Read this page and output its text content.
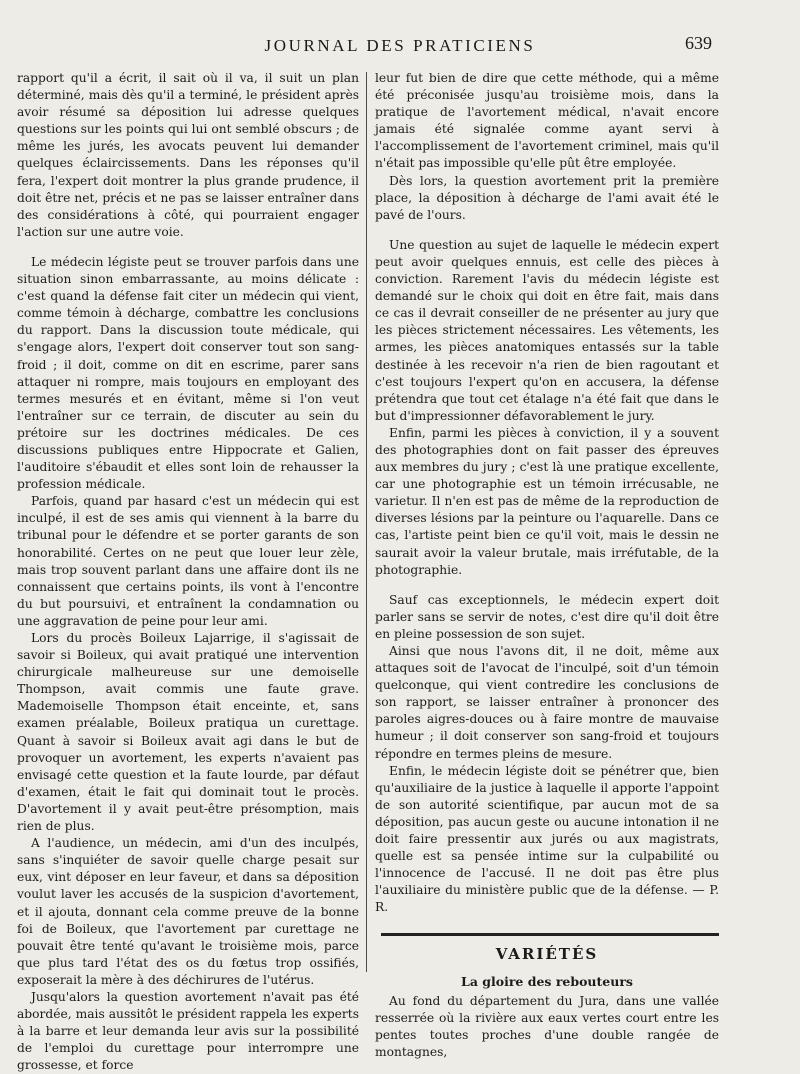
JOURNAL DES PRATICIENS	639

rapport qu'il a écrit, il sait où il va, il suit un plan déterminé, mais dès qu'il a terminé, le président après avoir résumé sa déposition lui adresse quelques questions sur les points qui lui ont semblé obscurs ; de même les jurés, les avocats peuvent lui demander quelques éclaircissements. Dans les réponses qu'il fera, l'expert doit montrer la plus grande prudence, il doit être net, précis et ne pas se laisser entraîner dans des considérations à côté, qui pourraient engager l'action sur une autre voie.

Le médecin légiste peut se trouver parfois dans une situation sinon embarrassante, au moins délicate : c'est quand la défense fait citer un médecin qui vient, comme témoin à décharge, combattre les conclusions du rapport. Dans la discussion toute médicale, qui s'engage alors, l'expert doit conserver tout son sang-froid ; il doit, comme on dit en escrime, parer sans attaquer ni rompre, mais toujours en employant des termes mesurés et en évitant, même si l'on veut l'entraîner sur ce terrain, de discuter au sein du prétoire sur les doctrines médicales. De ces discussions publiques entre Hippocrate et Galien, l'auditoire s'ébaudit et elles sont loin de rehausser la profession médicale.

Parfois, quand par hasard c'est un médecin qui est inculpé, il est de ses amis qui viennent à la barre du tribunal pour le défendre et se porter garants de son honorabilité. Certes on ne peut que louer leur zèle, mais trop souvent parlant dans une affaire dont ils ne connaissent que certains points, ils vont à l'encontre du but poursuivi, et entraînent la condamnation ou une aggravation de peine pour leur ami.

Lors du procès Boileux Lajarrige, il s'agissait de savoir si Boileux, qui avait pratiqué une intervention chirurgicale malheureuse sur une demoiselle Thompson, avait commis une faute grave. Mademoiselle Thompson était enceinte, et, sans examen préalable, Boileux pratiqua un curettage. Quant à savoir si Boileux avait agi dans le but de provoquer un avortement, les experts n'avaient pas envisagé cette question et la faute lourde, par défaut d'examen, était le fait qui dominait tout le procès. D'avortement il y avait peut-être présomption, mais rien de plus.

A l'audience, un médecin, ami d'un des inculpés, sans s'inquiéter de savoir quelle charge pesait sur eux, vint déposer en leur faveur, et dans sa déposition voulut laver les accusés de la suspicion d'avortement, et il ajouta, donnant cela comme preuve de la bonne foi de Boileux, que l'avortement par curettage ne pouvait être tenté qu'avant le troisième mois, parce que plus tard l'état des os du fœtus trop ossifiés, exposerait la mère à des déchirures de l'utérus.

Jusqu'alors la question avortement n'avait pas été abordée, mais aussitôt le président rappela les experts à la barre et leur demanda leur avis sur la possibilité de l'emploi du curettage pour interrompre une grossesse, et force

leur fut bien de dire que cette méthode, qui a même été préconisée jusqu'au troisième mois, dans la pratique de l'avortement médical, n'avait encore jamais été signalée comme ayant servi à l'accomplissement de l'avortement criminel, mais qu'il n'était pas impossible qu'elle pût être employée.

Dès lors, la question avortement prit la première place, la déposition à décharge de l'ami avait été le pavé de l'ours.

Une question au sujet de laquelle le médecin expert peut avoir quelques ennuis, est celle des pièces à conviction. Rarement l'avis du médecin légiste est demandé sur le choix qui doit en être fait, mais dans ce cas il devrait conseiller de ne présenter au jury que les pièces strictement nécessaires. Les vêtements, les armes, les pièces anatomiques entassés sur la table destinée à les recevoir n'a rien de bien ragoutant et c'est toujours l'expert qu'on en accusera, la défense prétendra que tout cet étalage n'a été fait que dans le but d'impressionner défavorablement le jury.

Enfin, parmi les pièces à conviction, il y a souvent des photographies dont on fait passer des épreuves aux membres du jury ; c'est là une pratique excellente, car une photographie est un témoin irrécusable, ne varietur. Il n'en est pas de même de la reproduction de diverses lésions par la peinture ou l'aquarelle. Dans ce cas, l'artiste peint bien ce qu'il voit, mais le dessin ne saurait avoir la valeur brutale, mais irréfutable, de la photographie.

Sauf cas exceptionnels, le médecin expert doit parler sans se servir de notes, c'est dire qu'il doit être en pleine possession de son sujet.

Ainsi que nous l'avons dit, il ne doit, même aux attaques soit de l'avocat de l'inculpé, soit d'un témoin quelconque, qui vient contredire les conclusions de son rapport, se laisser entraîner à prononcer des paroles aigres-douces ou à faire montre de mauvaise humeur ; il doit conserver son sang-froid et toujours répondre en termes pleins de mesure.

Enfin, le médecin légiste doit se pénétrer que, bien qu'auxiliaire de la justice à laquelle il apporte l'appoint de son autorité scientifique, par aucun mot de sa déposition, pas aucun geste ou aucune intonation il ne doit faire pressentir aux jurés ou aux magistrats, quelle est sa pensée intime sur la culpabilité ou l'innocence de l'accusé. Il ne doit pas être plus l'auxiliaire du ministère public que de la défense. — P. R.

VARIÉTÉS
La gloire des rebouteurs

Au fond du département du Jura, dans une vallée resserrée où la rivière aux eaux vertes court entre les pentes toutes proches d'une double rangée de montagnes,
